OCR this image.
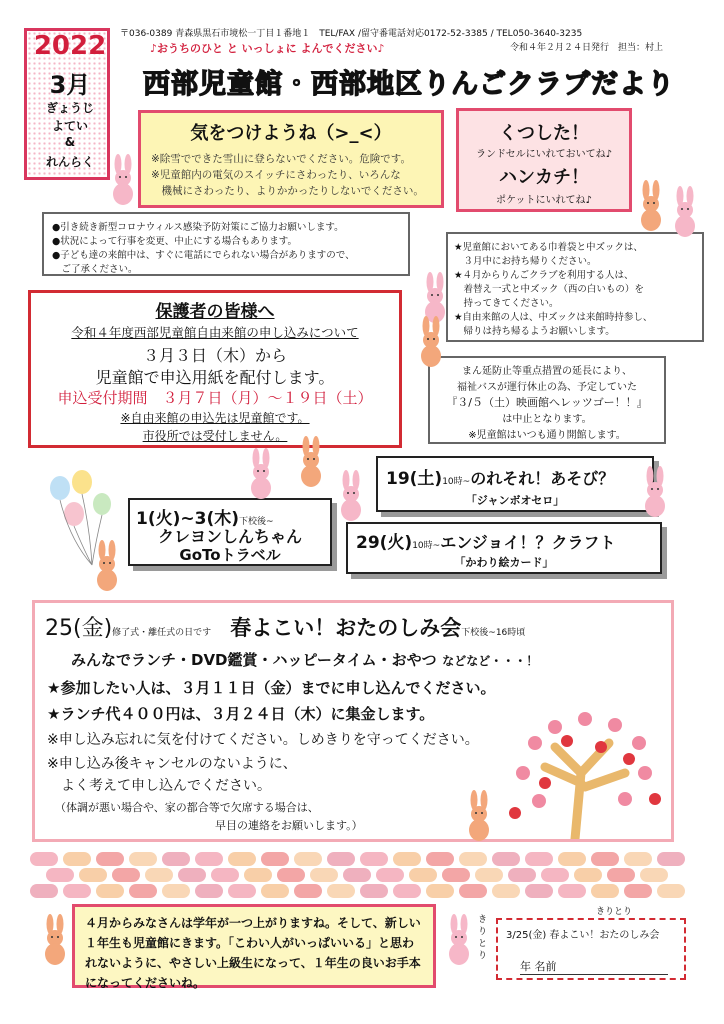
2022
3月
ぎょうじ
よてい
&
れんらく
〒036-0389 青森県黒石市境松一丁目１番地１　TEL/FAX /留守番電話対応0172-52-3385 / TEL050-3640-3235
♪おうちのひと と いっしょに よんでください♪	令和４年２月２４日発行　担当：村上
西部児童館・西部地区りんごクラブだより
気をつけようね（>_<）
※除雪でできた雪山に登らないでください。危険です。
※児童館内の電気のスイッチにさわったり、いろんな
　機械にさわったり、よりかかったりしないでください。
くつした！
ランドセルにいれておいてね♪
ハンカチ！
ポケットにいれてね♪
●引き続き新型コロナウィルス感染予防対策にご協力お願いします。
●状況によって行事を変更、中止にする場合もあります。
●子ども達の来館中は、すぐに電話にでられない場合がありますので、
　ご了承ください。
★児童館においてある巾着袋と中ズックは、
　３月中にお持ち帰りください。
★４月からりんごクラブを利用する人は、
　着替え一式と中ズック（西の白いもの）を
　持ってきてください。
★自由来館の人は、中ズックは来館時持参し、
　帰りは持ち帰るようお願いします。
保護者の皆様へ
令和４年度西部児童館自由来館の申し込みについて
３月３日（木）から
児童館で申込用紙を配付します。
申込受付期間　３月７日（月）～１９日（土）
※自由来館の申込先は児童館です。
市役所では受付しません。
まん延防止等重点措置の延長により、
福祉バスが運行休止の為、予定していた
『３/５（土）映画館へレッツゴー！！』
は中止となります。
※児童館はいつも通り開館します。
19(土)10時~のれそれ！あそび？
「ジャンボオセロ」
1(火)~3(木)下校後~
クレヨンしんちゃん
GoToトラベル
29(火)10時~エンジョイ！？クラフト
「かわり絵カード」
25(金)修了式・離任式の日です 春よこい！おたのしみ会下校後~16時頃
みんなでランチ・DVD鑑賞・ハッピータイム・おやつ などなど・・・！
★参加したい人は、３月１１日（金）までに申し込んでください。
★ランチ代４００円は、３月２４日（木）に集金します。
※申し込み忘れに気を付けてください。しめきりを守ってください。
※申し込み後キャンセルのないように、
　よく考えて申し込んでください。
（体調が悪い場合や、家の都合等で欠席する場合は、
早目の連絡をお願いします。）
４月からみなさんは学年が一つ上がりますね。そして、新しい１年生も児童館にきます。「こわい人がいっぱいいる」と思われないように、やさしい上級生になって、１年生の良いお手本になってくださいね。
きりとり
きりとり
3/25(金) 春よこい！おたのしみ会
年 名前
